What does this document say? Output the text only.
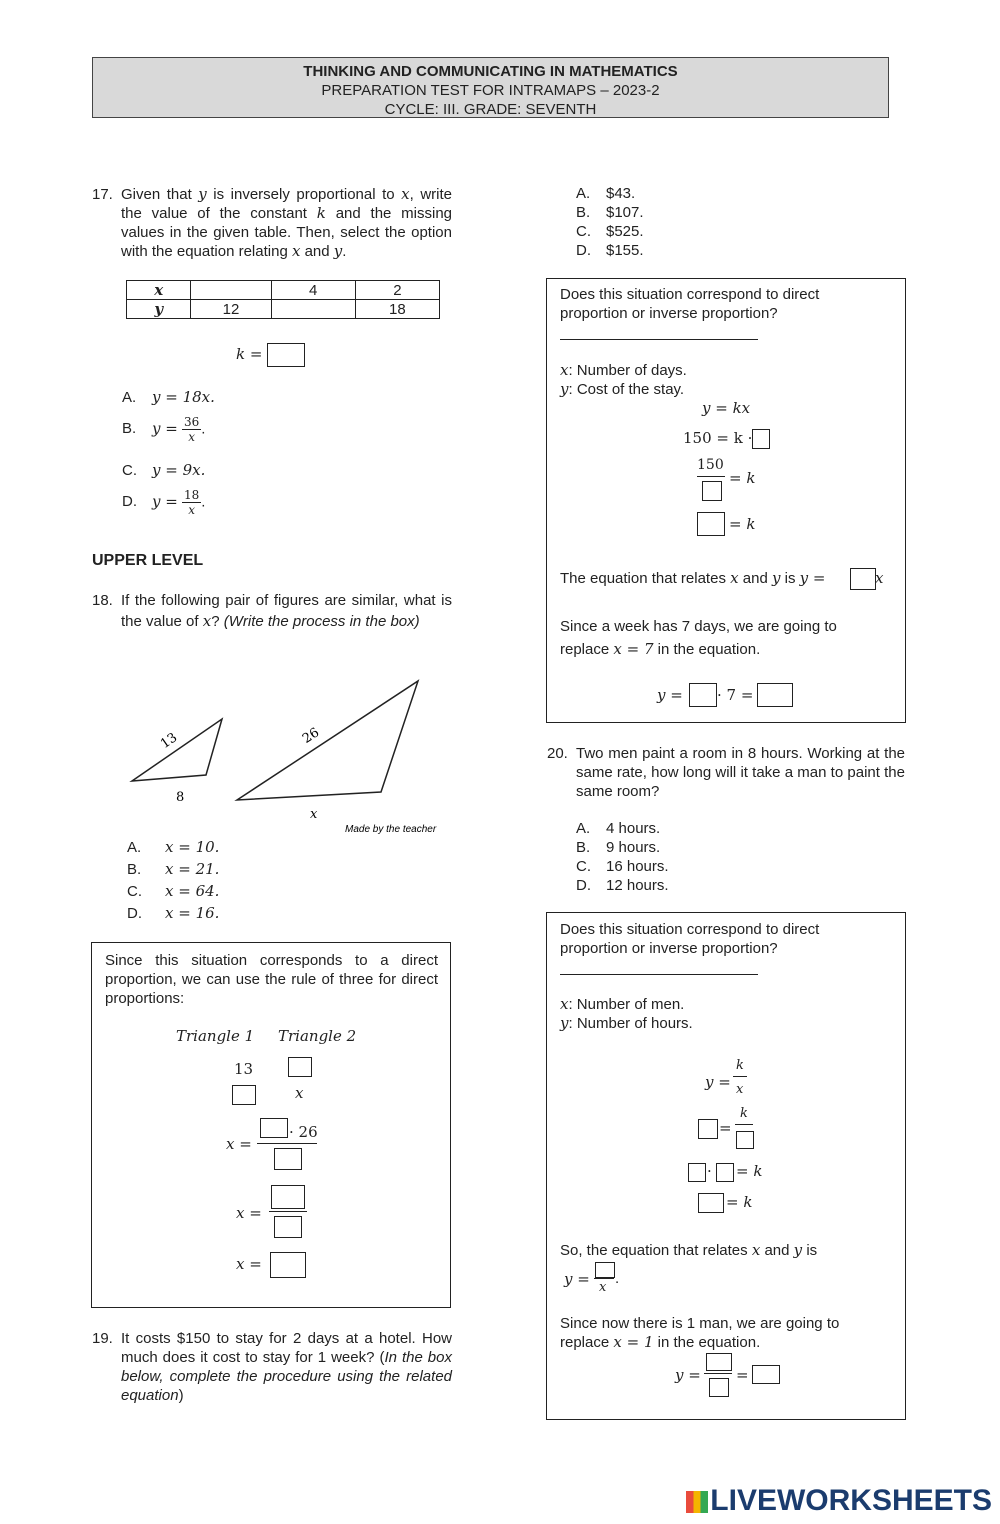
THINKING AND COMMUNICATING IN MATHEMATICS
PREPARATION TEST FOR INTRAMAPS – 2023-2
CYCLE: III. GRADE: SEVENTH
17. Given that y is inversely proportional to x, write the value of the constant k and the missing values in the given table. Then, select the option with the equation relating x and y.
x		4	2
y	12		18
k =
A. y = 18x.
B. $y = \frac{36}{x}$ .
C. y = 9x.
D. $y = \frac{18}{x}$ .
UPPER LEVEL
18. If the following pair of figures are similar, what is the value of x? (Write the process in the box)
13
8
26
x
Made by the teacher
A. x = 10.
B. x = 21.
C. x = 64.
D. x = 16.
Since this situation corresponds to a direct proportion, we can use the rule of three for direct proportions:
Triangle 1 Triangle 2
13
x
x =
· 26
x =
x =
19. It costs $150 to stay for 2 days at a hotel. How much does it cost to stay for 1 week? (In the box below, complete the procedure using the related equation)
A. $43.
B. $107.
C. $525.
D. $155.
Does this situation correspond to direct proportion or inverse proportion?
x: Number of days.
y: Cost of the stay.
y = kx
150 = k ·
150
= k
= k
The equation that relates x and y is y =	x
Since a week has 7 days, we are going to replace x = 7 in the equation.
y = · 7 =
20. Two men paint a room in 8 hours. Working at the same rate, how long will it take a man to paint the same room?
A. 4 hours.
B. 9 hours.
C. 16 hours.
D. 12 hours.
Does this situation correspond to direct proportion or inverse proportion?
x: Number of men.
y: Number of hours.
y =
k
x
=
k
· = k
= k
So, the equation that relates x and y is
y = x
.
Since now there is 1 man, we are going to replace x = 1 in the equation.
y = =
LIVEWORKSHEETS
